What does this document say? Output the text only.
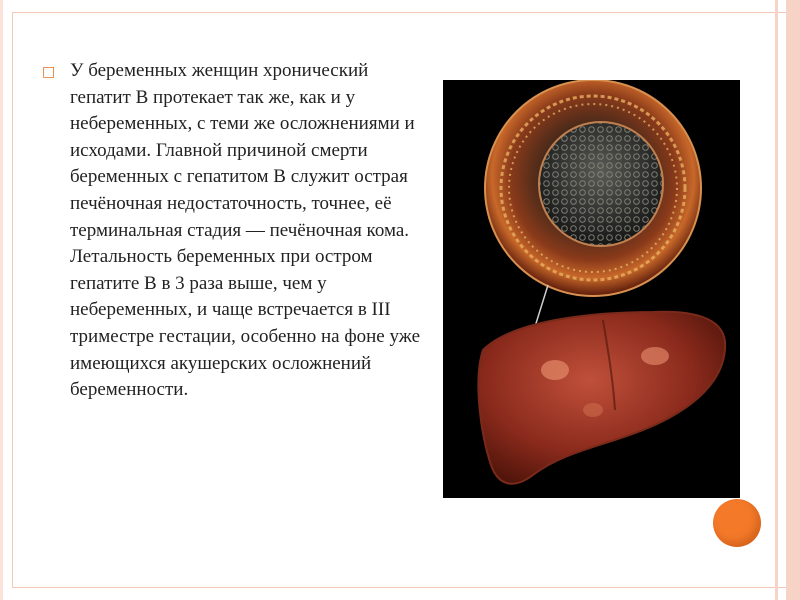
□ У беременных женщин хронический гепатит В протекает так же, как и у небеременных, с теми же осложнениями и исходами. Главной причиной смерти беременных с гепатитом В служит острая печёночная недостаточность, точнее, её терминальная стадия — печёночная кома. Летальность беременных при остром гепатите В в 3 раза выше, чем у небеременных, и чаще встречается в III триместре гестации, особенно на фоне уже имеющихся акушерских осложнений беременности.
